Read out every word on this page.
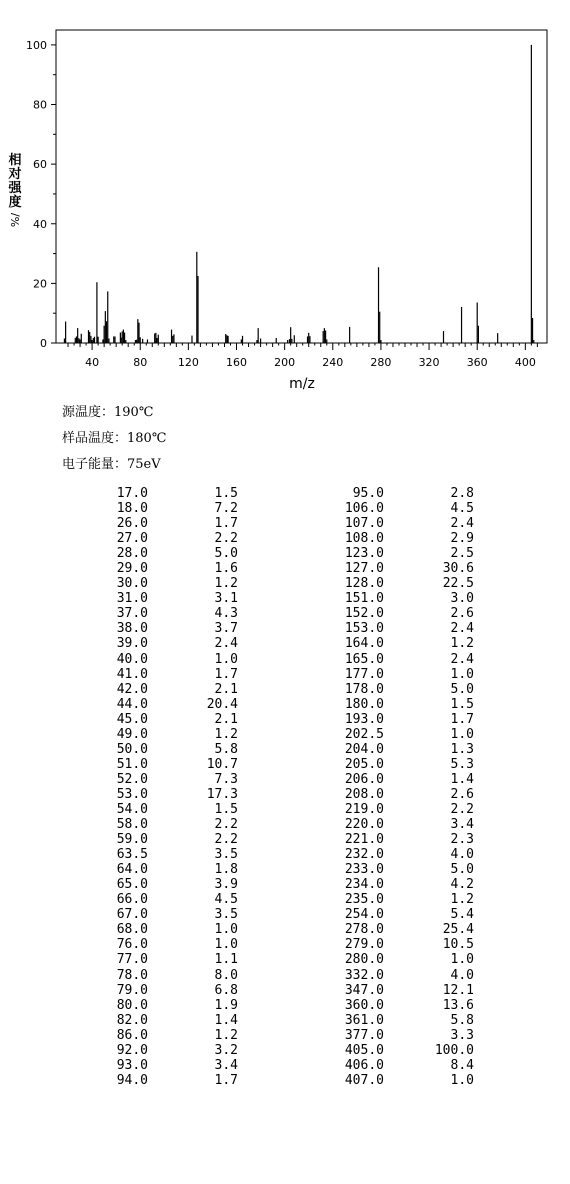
0
20
40
60
80
100
40	80	120 160 200 240 280 320 360 400
m/z
相
对
强
度
%/
源温度：190℃
样品温度：180℃
电子能量：75eV
17.0	1.5	95.0	2.8
18.0	7.2	106.0	4.5
26.0	1.7	107.0	2.4
27.0	2.2	108.0	2.9
28.0	5.0	123.0	2.5
29.0	1.6	127.0	30.6
30.0	1.2	128.0	22.5
31.0	3.1	151.0	3.0
37.0	4.3	152.0	2.6
38.0	3.7	153.0	2.4
39.0	2.4	164.0	1.2
40.0	1.0	165.0	2.4
41.0	1.7	177.0	1.0
42.0	2.1	178.0	5.0
44.0	20.4	180.0	1.5
45.0	2.1	193.0	1.7
49.0	1.2	202.5	1.0
50.0	5.8	204.0	1.3
51.0	10.7	205.0	5.3
52.0	7.3	206.0	1.4
53.0	17.3	208.0	2.6
54.0	1.5	219.0	2.2
58.0	2.2	220.0	3.4
59.0	2.2	221.0	2.3
63.5	3.5	232.0	4.0
64.0	1.8	233.0	5.0
65.0	3.9	234.0	4.2
66.0	4.5	235.0	1.2
67.0	3.5	254.0	5.4
68.0	1.0	278.0	25.4
76.0	1.0	279.0	10.5
77.0	1.1	280.0	1.0
78.0	8.0	332.0	4.0
79.0	6.8	347.0	12.1
80.0	1.9	360.0	13.6
82.0	1.4	361.0	5.8
86.0	1.2	377.0	3.3
92.0	3.2	405.0	100.0
93.0	3.4	406.0	8.4
94.0	1.7	407.0	1.0
